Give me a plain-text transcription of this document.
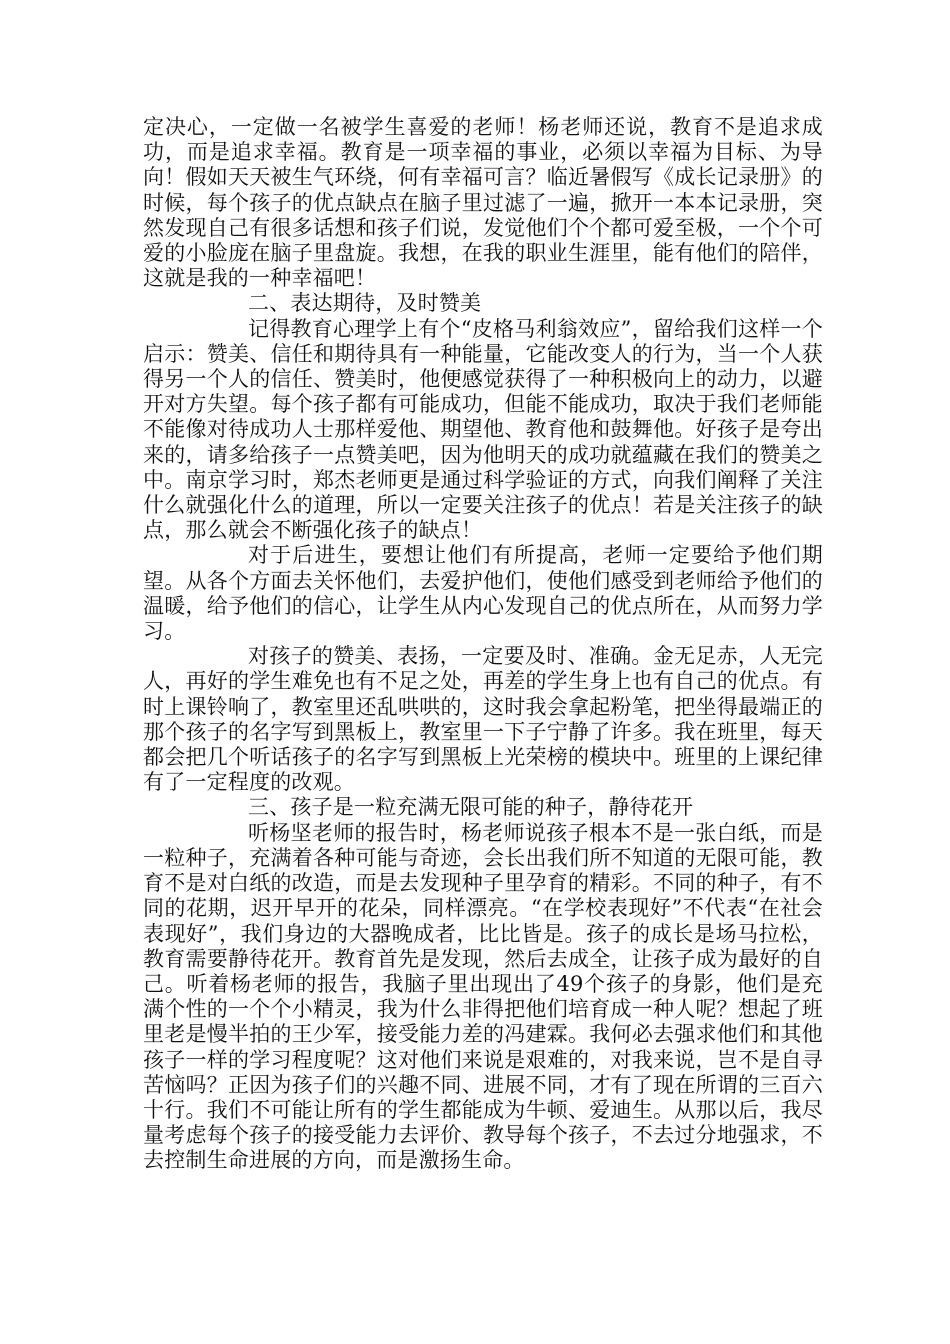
定决心，一定做一名被学生喜爱的老师！杨老师还说，教育不是追求成功，而是追求幸福。教育是一项幸福的事业，必须以幸福为目标、为导向！假如天天被生气环绕，何有幸福可言？临近暑假写《成长记录册》的时候，每个孩子的优点缺点在脑子里过滤了一遍，掀开一本本记录册，突然发现自己有很多话想和孩子们说，发觉他们个个都可爱至极，一个个可爱的小脸庞在脑子里盘旋。我想，在我的职业生涯里，能有他们的陪伴，这就是我的一种幸福吧！

二、表达期待，及时赞美

记得教育心理学上有个“皮格马利翁效应”，留给我们这样一个启示：赞美、信任和期待具有一种能量，它能改变人的行为，当一个人获得另一个人的信任、赞美时，他便感觉获得了一种积极向上的动力，以避开对方失望。每个孩子都有可能成功，但能不能成功，取决于我们老师能不能像对待成功人士那样爱他、期望他、教育他和鼓舞他。好孩子是夸出来的，请多给孩子一点赞美吧，因为他明天的成功就蕴藏在我们的赞美之中。南京学习时，郑杰老师更是通过科学验证的方式，向我们阐释了关注什么就强化什么的道理，所以一定要关注孩子的优点！若是关注孩子的缺点，那么就会不断强化孩子的缺点！

对于后进生，要想让他们有所提高，老师一定要给予他们期望。从各个方面去关怀他们，去爱护他们，使他们感受到老师给予他们的温暖，给予他们的信心，让学生从内心发现自己的优点所在，从而努力学习。

对孩子的赞美、表扬，一定要及时、准确。金无足赤，人无完人，再好的学生难免也有不足之处，再差的学生身上也有自己的优点。有时上课铃响了，教室里还乱哄哄的，这时我会拿起粉笔，把坐得最端正的那个孩子的名字写到黑板上，教室里一下子宁静了许多。我在班里，每天都会把几个听话孩子的名字写到黑板上光荣榜的模块中。班里的上课纪律有了一定程度的改观。

三、孩子是一粒充满无限可能的种子，静待花开

听杨坚老师的报告时，杨老师说孩子根本不是一张白纸，而是一粒种子，充满着各种可能与奇迹，会长出我们所不知道的无限可能，教育不是对白纸的改造，而是去发现种子里孕育的精彩。不同的种子，有不同的花期，迟开早开的花朵，同样漂亮。“在学校表现好”不代表“在社会表现好”，我们身边的大器晚成者，比比皆是。孩子的成长是场马拉松，教育需要静待花开。教育首先是发现，然后去成全，让孩子成为最好的自己。听着杨老师的报告，我脑子里出现出了49个孩子的身影，他们是充满个性的一个个小精灵，我为什么非得把他们培育成一种人呢？想起了班里老是慢半拍的王少军，接受能力差的冯建霖。我何必去强求他们和其他孩子一样的学习程度呢？这对他们来说是艰难的，对我来说，岂不是自寻苦恼吗？正因为孩子们的兴趣不同、进展不同，才有了现在所谓的三百六十行。我们不可能让所有的学生都能成为牛顿、爱迪生。从那以后，我尽量考虑每个孩子的接受能力去评价、教导每个孩子，不去过分地强求，不去控制生命进展的方向，而是激扬生命。
